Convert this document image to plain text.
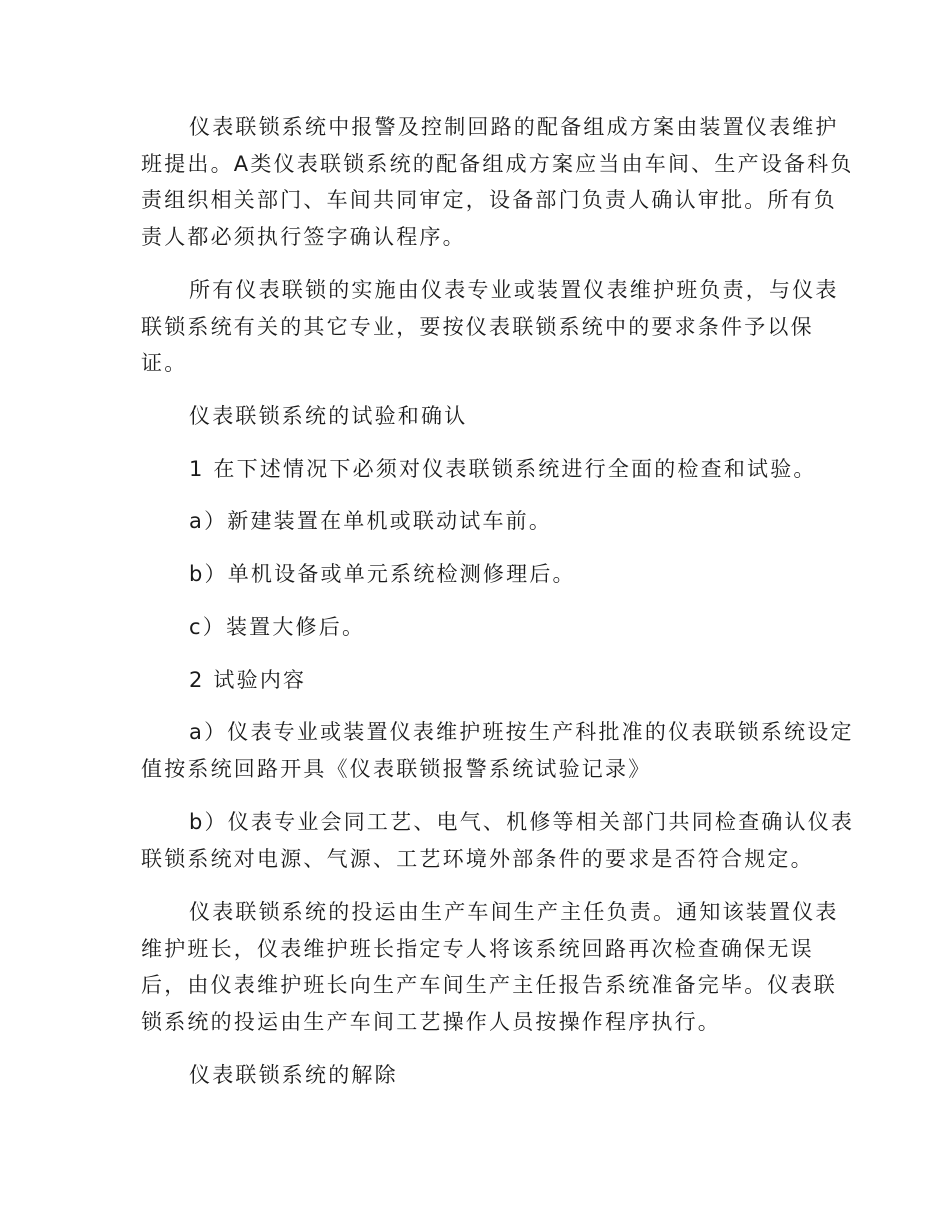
仪表联锁系统中报警及控制回路的配备组成方案由装置仪表维护
班提出。A类仪表联锁系统的配备组成方案应当由车间、生产设备科负
责组织相关部门、车间共同审定，设备部门负责人确认审批。所有负
责人都必须执行签字确认程序。

所有仪表联锁的实施由仪表专业或装置仪表维护班负责，与仪表
联锁系统有关的其它专业，要按仪表联锁系统中的要求条件予以保
证。

仪表联锁系统的试验和确认

1 在下述情况下必须对仪表联锁系统进行全面的检查和试验。

a）新建装置在单机或联动试车前。

b）单机设备或单元系统检测修理后。

c）装置大修后。

2 试验内容

a）仪表专业或装置仪表维护班按生产科批准的仪表联锁系统设定
值按系统回路开具《仪表联锁报警系统试验记录》

b）仪表专业会同工艺、电气、机修等相关部门共同检查确认仪表
联锁系统对电源、气源、工艺环境外部条件的要求是否符合规定。

仪表联锁系统的投运由生产车间生产主任负责。通知该装置仪表
维护班长，仪表维护班长指定专人将该系统回路再次检查确保无误
后，由仪表维护班长向生产车间生产主任报告系统准备完毕。仪表联
锁系统的投运由生产车间工艺操作人员按操作程序执行。

仪表联锁系统的解除
